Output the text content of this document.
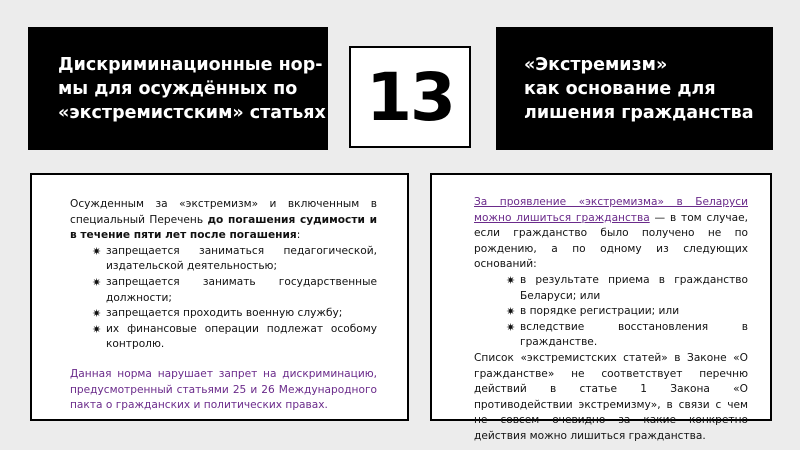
Дискриминационные нор-
мы для осуждённых по
«экстремистским» статьях 13	«Экстремизм»
как основание для
лишения гражданства

Осужденным за «экстремизм» и включенным в специальный Перечень до погашения судимости и в течение пяти лет после погашения:

✷ запрещается заниматься педагогической, издательской деятельностью;
✷ запрещается занимать государственные должности;
✷ запрещается проходить военную службу;
✷ их финансовые операции подлежат особому контролю.

Данная норма нарушает запрет на дискриминацию, предусмотренный статьями 25 и 26 Международного пакта о гражданских и политических правах.

За проявление «экстремизма» в Беларуси можно лишиться гражданства — в том случае, если гражданство было получено не по рождению, а по одному из следующих оснований:

✷ в результате приема в гражданство Беларуси; или
✷ в порядке регистрации; или
✷ вследствие восстановления в гражданстве.

Список «экстремистских статей» в Законе «О гражданстве» не соответствует перечню действий в статье 1 Закона «О противодействии экстремизму», в связи с чем не совсем очевидно за какие конкретно действия можно лишиться гражданства.
